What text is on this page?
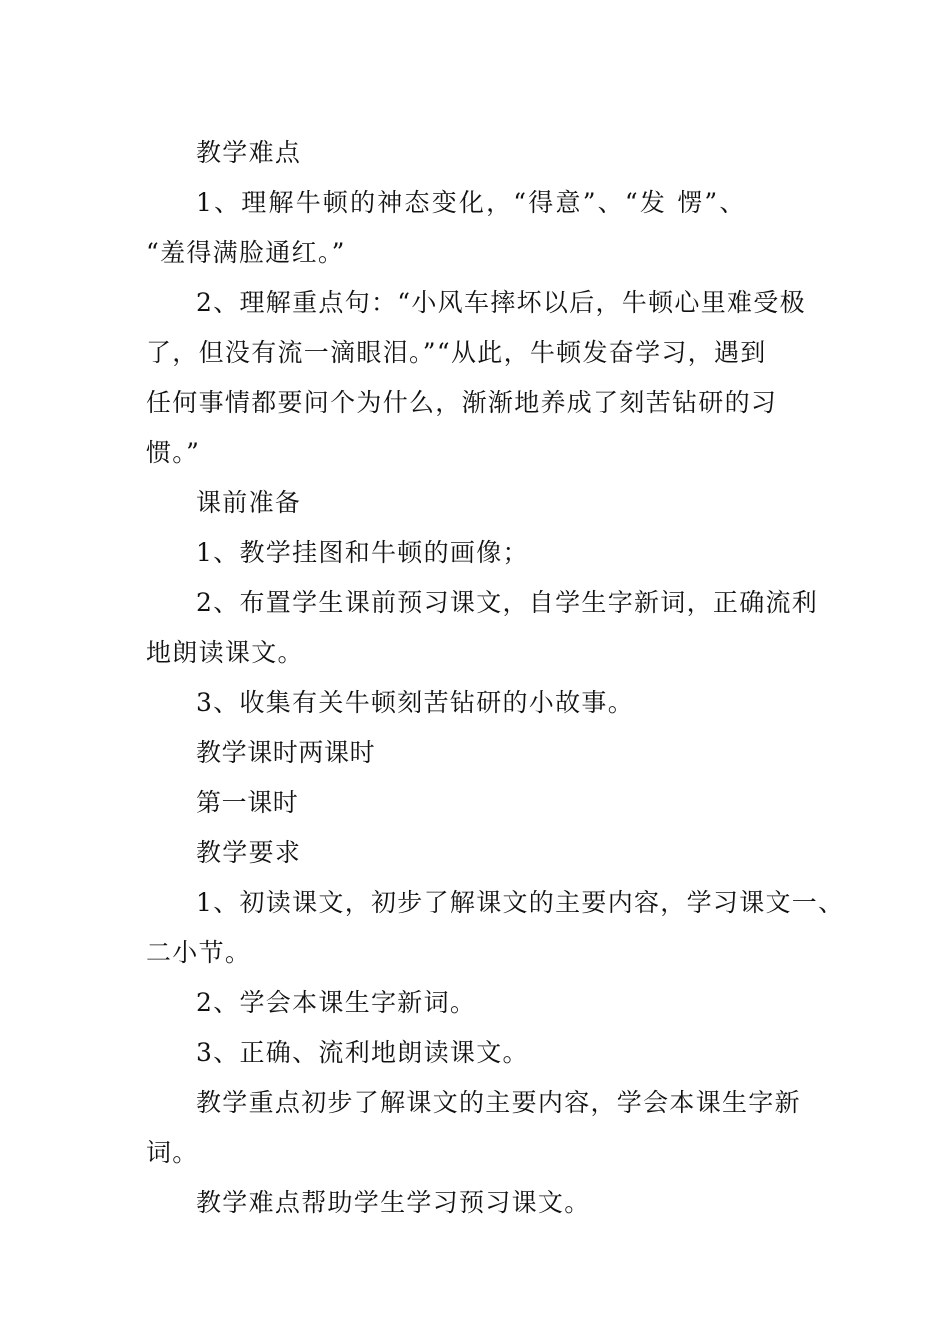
教学难点
1、理解牛顿的神态变化，“得意”、“发 愣”、
“羞得满脸通红。”
2、理解重点句：“小风车摔坏以后，牛顿心里难受极
了，但没有流一滴眼泪。”“从此，牛顿发奋学习，遇到
任何事情都要问个为什么，渐渐地养成了刻苦钻研的习
惯。”
课前准备
1、教学挂图和牛顿的画像；
2、布置学生课前预习课文，自学生字新词，正确流利
地朗读课文。
3、收集有关牛顿刻苦钻研的小故事。
教学课时两课时
第一课时
教学要求
1、初读课文，初步了解课文的主要内容，学习课文一、
二小节。
2、学会本课生字新词。
3、正确、流利地朗读课文。
教学重点初步了解课文的主要内容，学会本课生字新
词。
教学难点帮助学生学习预习课文。
